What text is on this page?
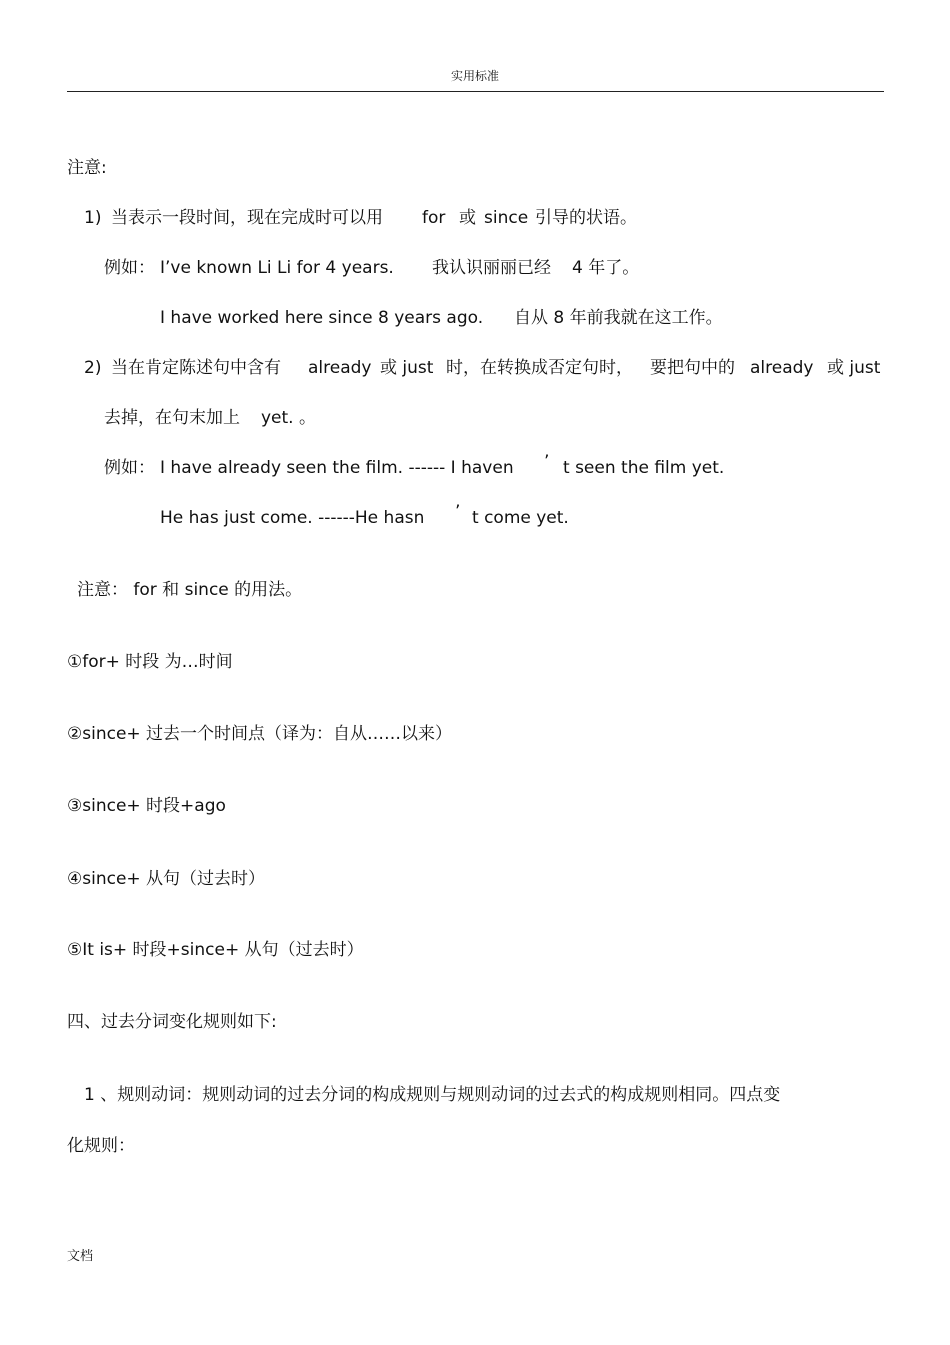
实用标准
注意:
1) 当表示一段时间，现在完成时可以用 for 或 since 引导的状语。
例如： I’ve known Li Li for 4 years. 我认识丽丽已经 4 年了。
I have worked here since 8 years ago. 自从 8 年前我就在这工作。
2) 当在肯定陈述句中含有 already 或 just 时，在转换成否定句时， 要把句中的 already 或 just
去掉，在句末加上 yet. 。
例如： I have already seen the film. ------ I haven ’ t seen the film yet.
He has just come. ------He hasn ’ t come yet.
注意： for 和 since 的用法。
①for+ 时段 为…时间
②since+ 过去一个时间点（译为：自从……以来）
③since+ 时段+ago
④since+ 从句（过去时）
⑤It is+ 时段+since+ 从句（过去时）
四、过去分词变化规则如下:
1 、规则动词：规则动词的过去分词的构成规则与规则动词的过去式的构成规则相同。四点变
化规则：
文档
